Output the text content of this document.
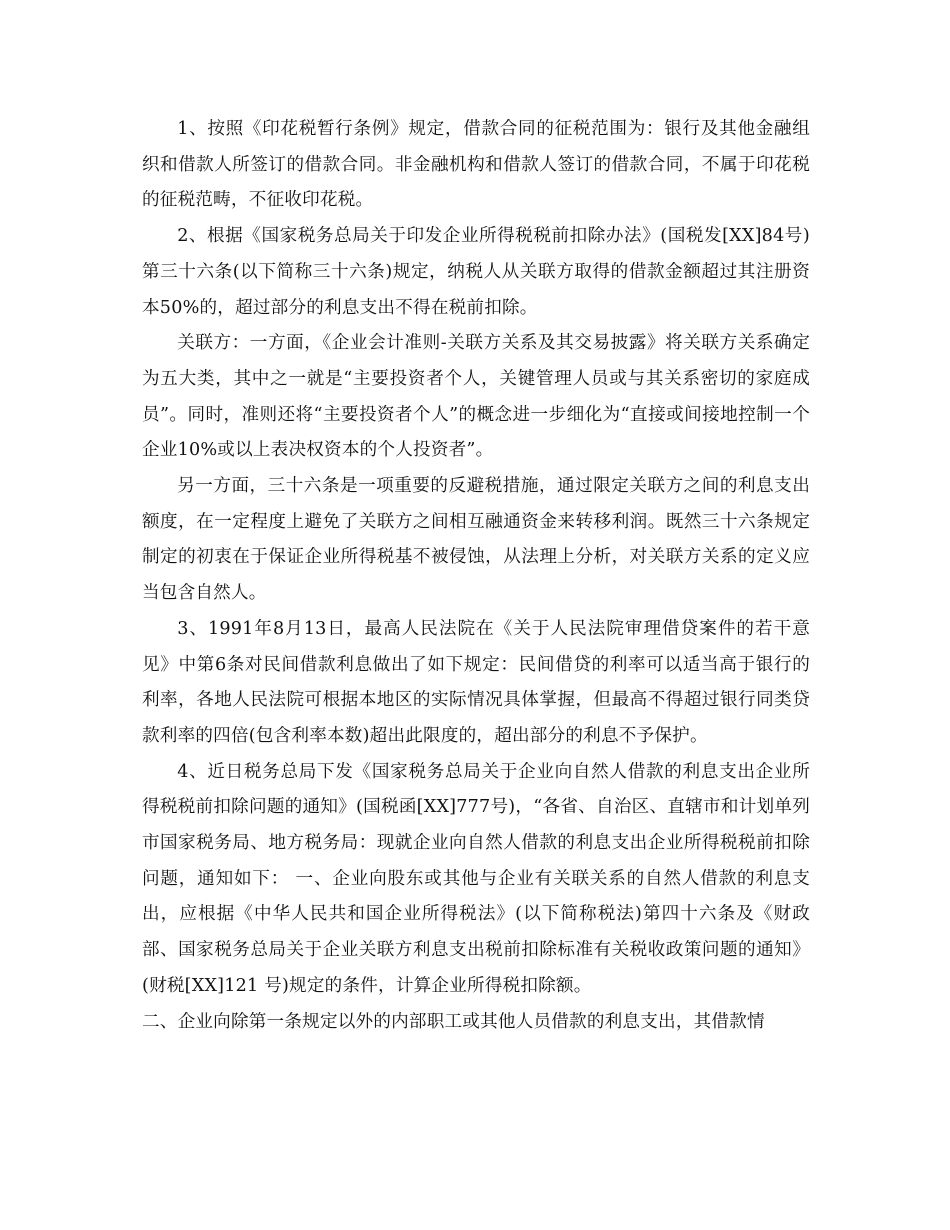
1、按照《印花税暂行条例》规定，借款合同的征税范围为：银行及其他金融组织和借款人所签订的借款合同。非金融机构和借款人签订的借款合同，不属于印花税的征税范畴，不征收印花税。

2、根据《国家税务总局关于印发企业所得税税前扣除办法》(国税发[XX]84号)第三十六条(以下简称三十六条)规定，纳税人从关联方取得的借款金额超过其注册资本50%的，超过部分的利息支出不得在税前扣除。

关联方：一方面，《企业会计准则-关联方关系及其交易披露》将关联方关系确定为五大类，其中之一就是“主要投资者个人，关键管理人员或与其关系密切的家庭成员”。同时，准则还将“主要投资者个人”的概念进一步细化为“直接或间接地控制一个企业10%或以上表决权资本的个人投资者”。

另一方面，三十六条是一项重要的反避税措施，通过限定关联方之间的利息支出额度，在一定程度上避免了关联方之间相互融通资金来转移利润。既然三十六条规定制定的初衷在于保证企业所得税基不被侵蚀，从法理上分析，对关联方关系的定义应当包含自然人。

3、1991年8月13日，最高人民法院在《关于人民法院审理借贷案件的若干意见》中第6条对民间借款利息做出了如下规定：民间借贷的利率可以适当高于银行的利率，各地人民法院可根据本地区的实际情况具体掌握，但最高不得超过银行同类贷款利率的四倍(包含利率本数)超出此限度的，超出部分的利息不予保护。

4、近日税务总局下发《国家税务总局关于企业向自然人借款的利息支出企业所得税税前扣除问题的通知》(国税函[XX]777号)，“各省、自治区、直辖市和计划单列市国家税务局、地方税务局：现就企业向自然人借款的利息支出企业所得税税前扣除问题，通知如下： 一、企业向股东或其他与企业有关联关系的自然人借款的利息支出，应根据《中华人民共和国企业所得税法》(以下简称税法)第四十六条及《财政部、国家税务总局关于企业关联方利息支出税前扣除标准有关税收政策问题的通知》(财税[XX]121 号)规定的条件，计算企业所得税扣除额。

二、企业向除第一条规定以外的内部职工或其他人员借款的利息支出，其借款情
